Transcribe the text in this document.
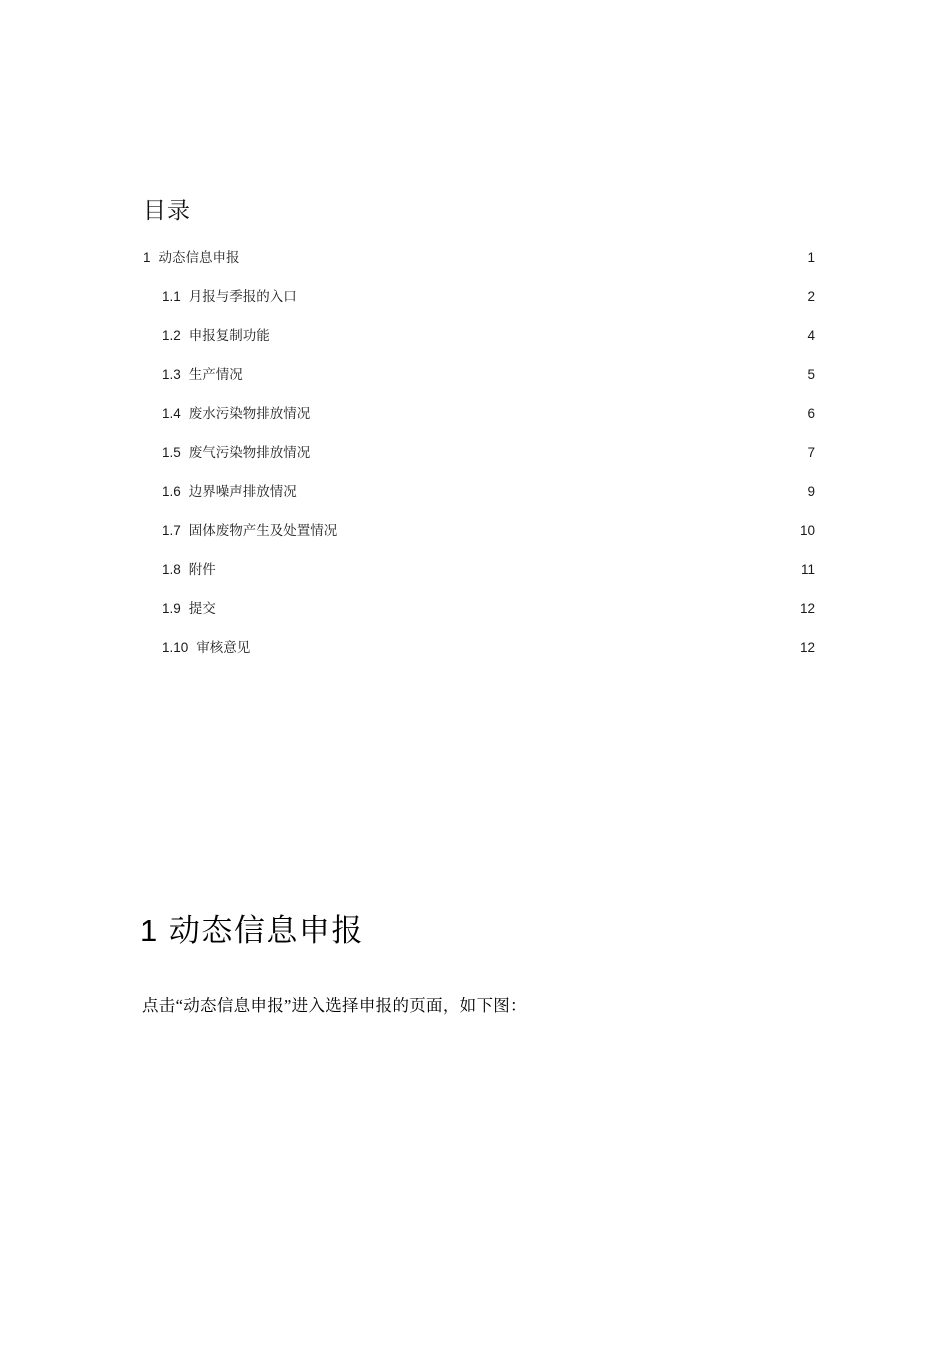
目录
1 动态信息申报 .....	1
1.1 月报与季报的入口 .....	2
1.2 申报复制功能 .....	4
1.3 生产情况 .....	5
1.4 废水污染物排放情况 .....	6
1.5 废气污染物排放情况 .....	7
1.6 边界噪声排放情况 .....	9
1.7 固体废物产生及处置情况 .....	10
1.8 附件 .....	11
1.9 提交 .....	12
1.10 审核意见 .....	12
1 动态信息申报
点击“动态信息申报”进入选择申报的页面，如下图：
